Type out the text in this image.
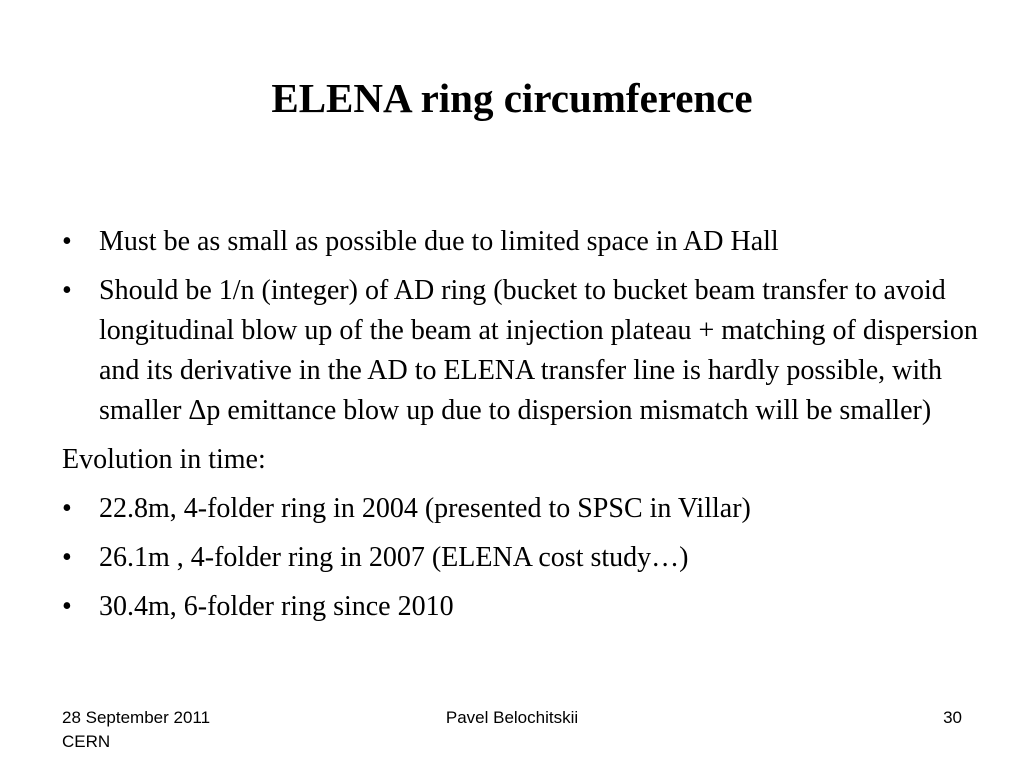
ELENA ring circumference
• Must be as small as possible due to limited space in AD Hall
• Should be 1/n (integer) of AD ring (bucket to bucket beam transfer to avoid longitudinal blow up of the beam at injection plateau + matching of dispersion and its derivative in the AD to ELENA transfer line is hardly possible, with smaller Δp emittance blow up due to dispersion mismatch will be smaller)
Evolution in time:
• 22.8m, 4-folder ring in 2004 (presented to SPSC in Villar)
• 26.1m , 4-folder ring in 2007 (ELENA cost study…)
• 30.4m, 6-folder ring since 2010
28 September 2011
CERN
Pavel Belochitskii	30
